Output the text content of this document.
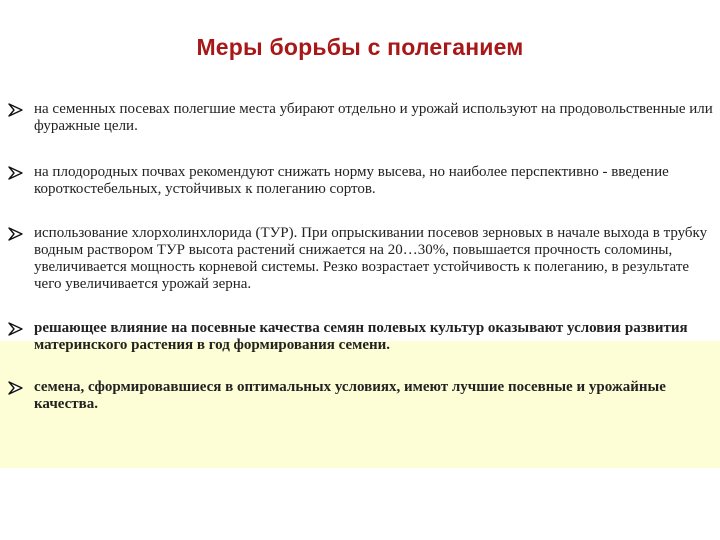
Меры борьбы с полеганием
на семенных посевах полегшие места убирают отдельно и урожай используют на продовольственные или фуражные цели.
на плодородных почвах рекомендуют снижать норму высева, но наиболее перспективно - введение короткостебельных, устойчивых к полеганию сортов.
использование хлорхолинхлорида (ТУР). При опрыскивании посевов зерновых в начале выхода в трубку водным раствором ТУР высота растений снижается на 20…30%, повышается прочность соломины, увеличивается мощность корневой системы. Резко возрастает устойчивость к полеганию, в результате чего увеличивается урожай зерна.
решающее влияние на посевные качества семян полевых культур оказывают условия развития материнского растения в год формирования семени.
семена, сформировавшиеся в оптимальных условиях, имеют лучшие посевные и урожайные качества.
